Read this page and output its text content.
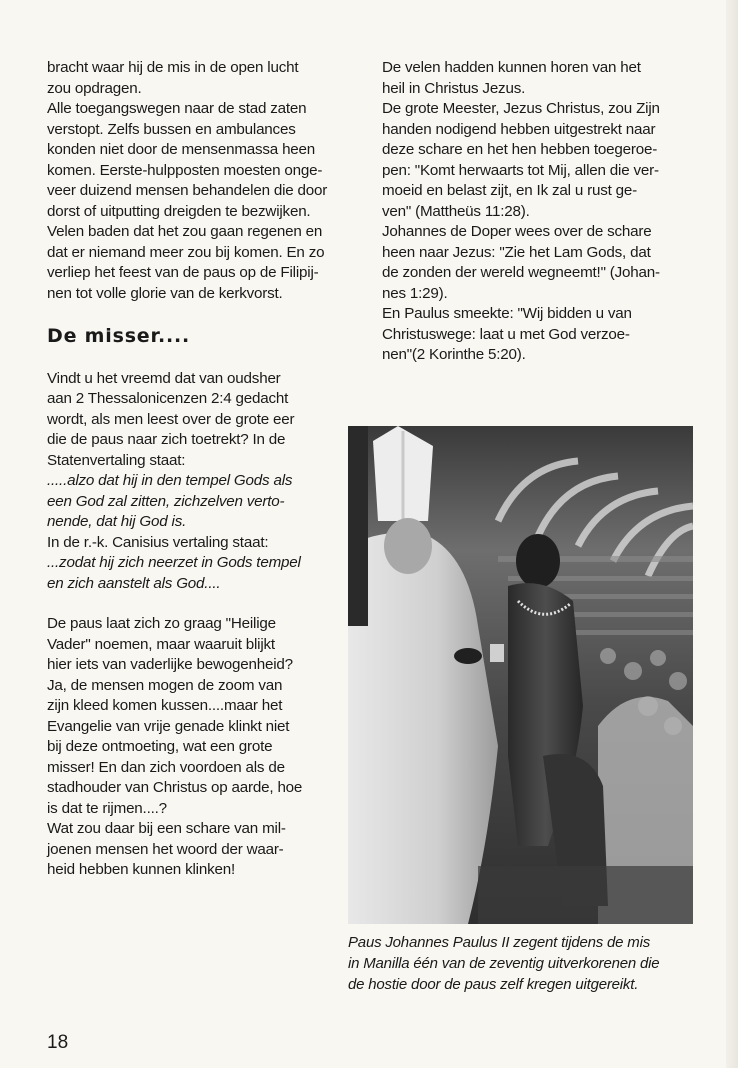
bracht waar hij de mis in de open lucht
zou opdragen.
Alle toegangswegen naar de stad zaten
verstopt. Zelfs bussen en ambulances
konden niet door de mensenmassa heen
komen. Eerste-hulpposten moesten onge-
veer duizend mensen behandelen die door
dorst of uitputting dreigden te bezwijken.
Velen baden dat het zou gaan regenen en
dat er niemand meer zou bij komen. En zo
verliep het feest van de paus op de Filipij-
nen tot volle glorie van de kerkvorst.

De misser....

Vindt u het vreemd dat van oudsher
aan 2 Thessalonicenzen 2:4 gedacht
wordt, als men leest over de grote eer
die de paus naar zich toetrekt? In de
Statenvertaling staat:

.....alzo dat hij in den tempel Gods als
een God zal zitten, zichzelven verto-
nende, dat hij God is.

In de r.-k. Canisius vertaling staat:

...zodat hij zich neerzet in Gods tempel
en zich aanstelt als God....

De paus laat zich zo graag "Heilige
Vader" noemen, maar waaruit blijkt
hier iets van vaderlijke bewogenheid?
Ja, de mensen mogen de zoom van
zijn kleed komen kussen....maar het
Evangelie van vrije genade klinkt niet
bij deze ontmoeting, wat een grote
misser! En dan zich voordoen als de
stadhouder van Christus op aarde, hoe
is dat te rijmen....?
Wat zou daar bij een schare van mil-
joenen mensen het woord der waar-
heid hebben kunnen klinken!

De velen hadden kunnen horen van het
heil in Christus Jezus.

De grote Meester, Jezus Christus, zou Zijn
handen nodigend hebben uitgestrekt naar
deze schare en het hen hebben toegeroe-
pen: "Komt herwaarts tot Mij, allen die ver-
moeid en belast zijt, en Ik zal u rust ge-
ven" (Mattheüs 11:28).

Johannes de Doper wees over de schare
heen naar Jezus: "Zie het Lam Gods, dat
de zonden der wereld wegneemt!" (Johan-
nes 1:29).

En Paulus smeekte: "Wij bidden u van
Christuswege: laat u met God verzoe-
nen"(2 Korinthe 5:20).

Paus Johannes Paulus II zegent tijdens de mis
in Manilla één van de zeventig uitverkorenen die
de hostie door de paus zelf kregen uitgereikt.
18
